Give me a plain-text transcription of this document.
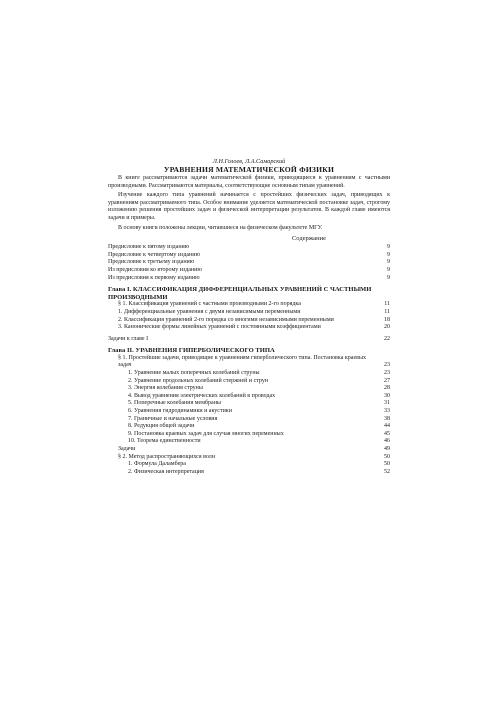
Л.Н.Голоев, Л.А.Самарский

УРАВНЕНИЯ МАТЕМАТИЧЕСКОЙ ФИЗИКИ

В книге рассматриваются задачи математической физики, приводящиеся к уравнениям с частными производными. Рассматриваются материалы, соответствующие основным типам уравнений.

Изучение каждого типа уравнений начинается с простейших физических задач, приводящих к уравнениям рассматриваемого типа. Особое внимание уделяется математической постановке задач, строгому изложению решения простейших задач и физической интерпретации результатов. В каждой главе имеются задачи и примеры.

В основу книги положены лекции, читавшиеся на физическом факультете МГУ.

Содержание

Предисловие к пятому изданию	9
Предисловие к четвертому изданию	9
Предисловие к третьему изданию	9
Из предисловия ко второму изданию	9
Из предисловия к первому изданию	9
Глава I. КЛАССИФИКАЦИЯ ДИФФЕРЕНЦИАЛЬНЫХ УРАВНЕНИЙ С ЧАСТНЫМИ ПРОИЗВОДНЫМИ
§ 1. Классификация уравнений с частными производными 2-го порядка	11
1. Дифференциальные уравнения с двумя независимыми переменными	11
2. Классификация уравнений 2-го порядка со многими независимыми переменными	18
3. Канонические формы линейных уравнений с постоянными коэффициентами	20
Задачи к главе I	22
Глава II. УРАВНЕНИЯ ГИПЕРБОЛИЧЕСКОГО ТИПА
§ 1. Простейшие задачи, приводящие к уравнениям гиперболического типа. Постановка краевых задач	23
1. Уравнение малых поперечных колебаний струны	23
2. Уравнение продольных колебаний стержней и струн	27
3. Энергия колебания струны	28
4. Вывод уравнения электрических колебаний в проводах	30
5. Поперечные колебания мембраны	31
6. Уравнения гидродинамики и акустики	33
7. Граничные и начальные условия	38
8. Редукция общей задачи	44
9. Постановка краевых задач для случая многих переменных	45
10. Теорема единственности	46
Задачи	49
§ 2. Метод распространяющихся волн	50
1. Формула Даламбера	50
2. Физическая интерпретация	52
